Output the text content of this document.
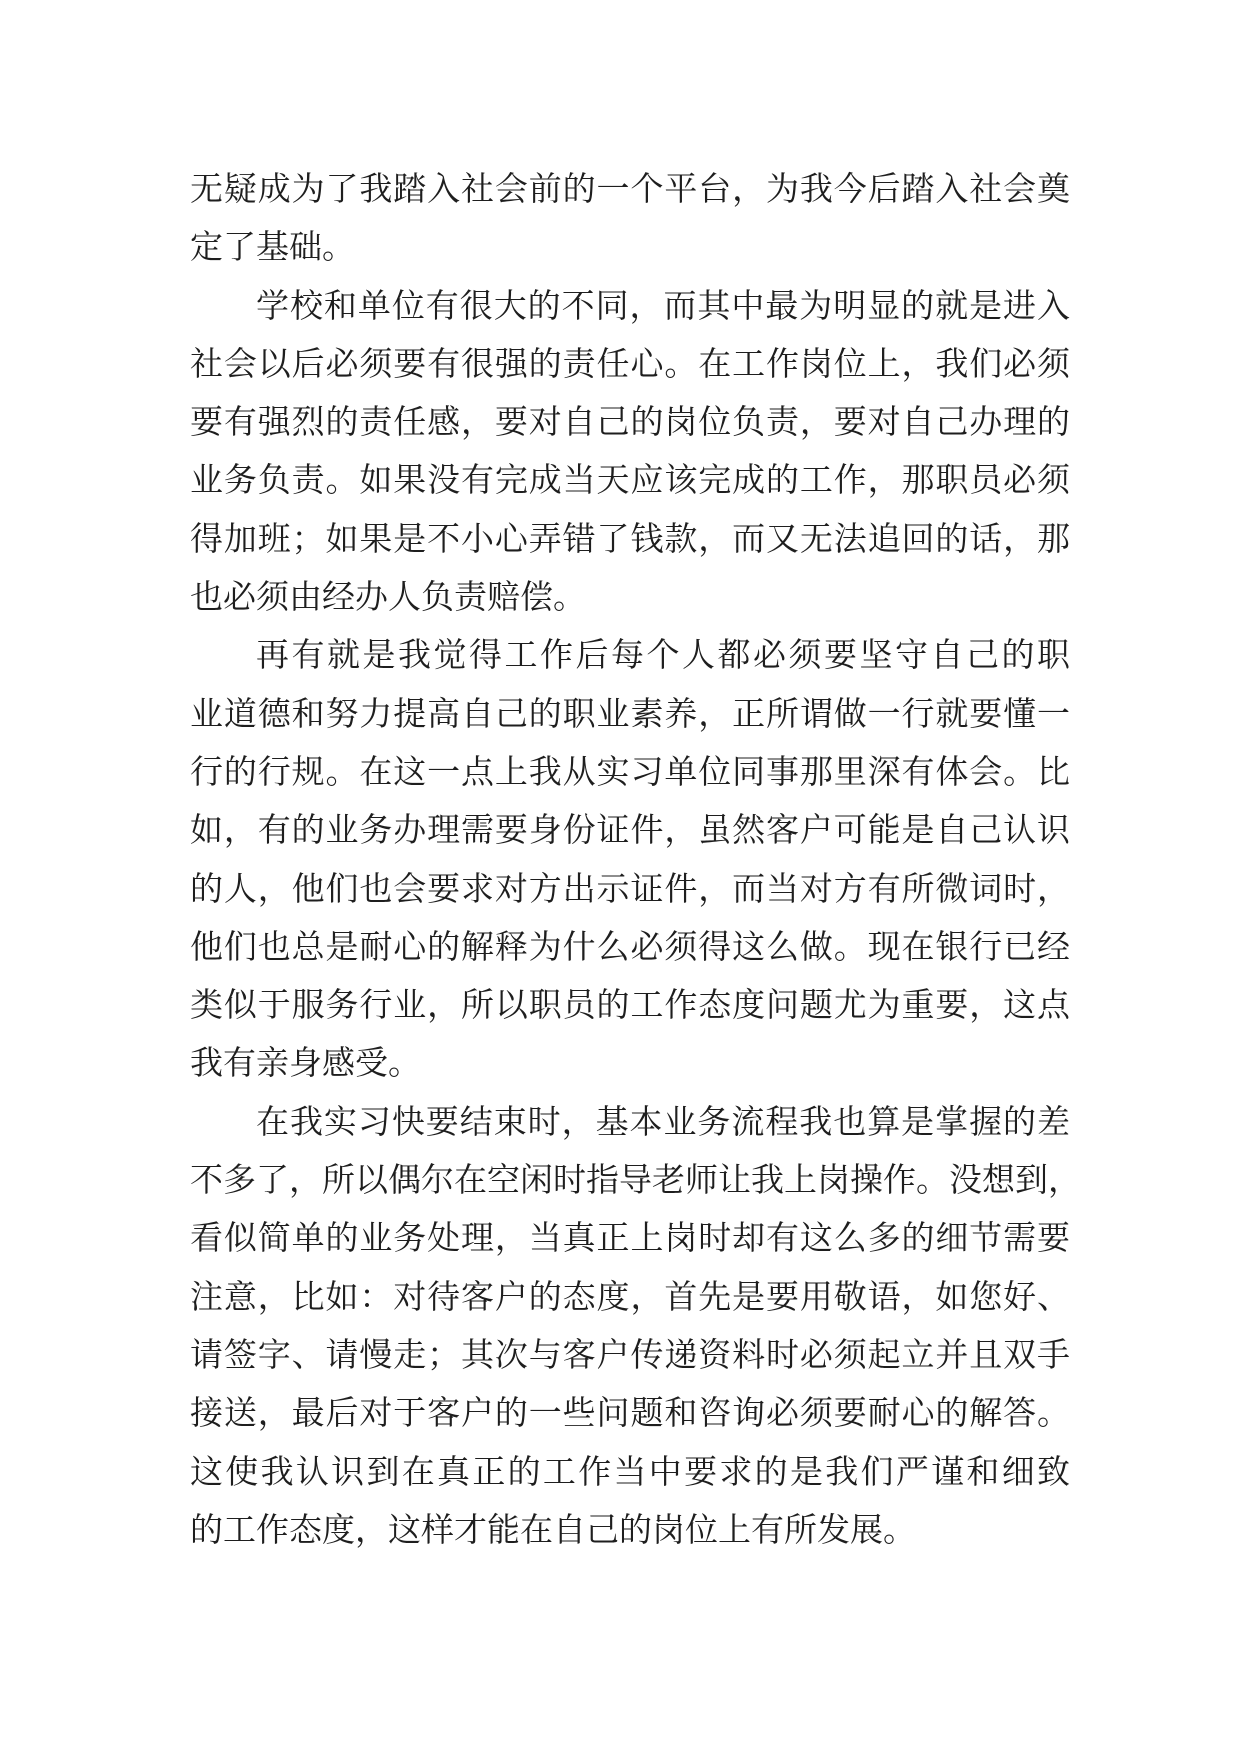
无疑成为了我踏入社会前的一个平台，为我今后踏入社会奠
定了基础。
学校和单位有很大的不同，而其中最为明显的就是进入
社会以后必须要有很强的责任心。在工作岗位上，我们必须
要有强烈的责任感，要对自己的岗位负责，要对自己办理的
业务负责。如果没有完成当天应该完成的工作，那职员必须
得加班；如果是不小心弄错了钱款，而又无法追回的话，那
也必须由经办人负责赔偿。
再有就是我觉得工作后每个人都必须要坚守自己的职
业道德和努力提高自己的职业素养，正所谓做一行就要懂一
行的行规。在这一点上我从实习单位同事那里深有体会。比
如，有的业务办理需要身份证件，虽然客户可能是自己认识
的人，他们也会要求对方出示证件，而当对方有所微词时，
他们也总是耐心的解释为什么必须得这么做。现在银行已经
类似于服务行业，所以职员的工作态度问题尤为重要，这点
我有亲身感受。
在我实习快要结束时，基本业务流程我也算是掌握的差
不多了，所以偶尔在空闲时指导老师让我上岗操作。没想到，
看似简单的业务处理，当真正上岗时却有这么多的细节需要
注意，比如：对待客户的态度，首先是要用敬语，如您好、
请签字、请慢走；其次与客户传递资料时必须起立并且双手
接送，最后对于客户的一些问题和咨询必须要耐心的解答。
这使我认识到在真正的工作当中要求的是我们严谨和细致
的工作态度，这样才能在自己的岗位上有所发展。
